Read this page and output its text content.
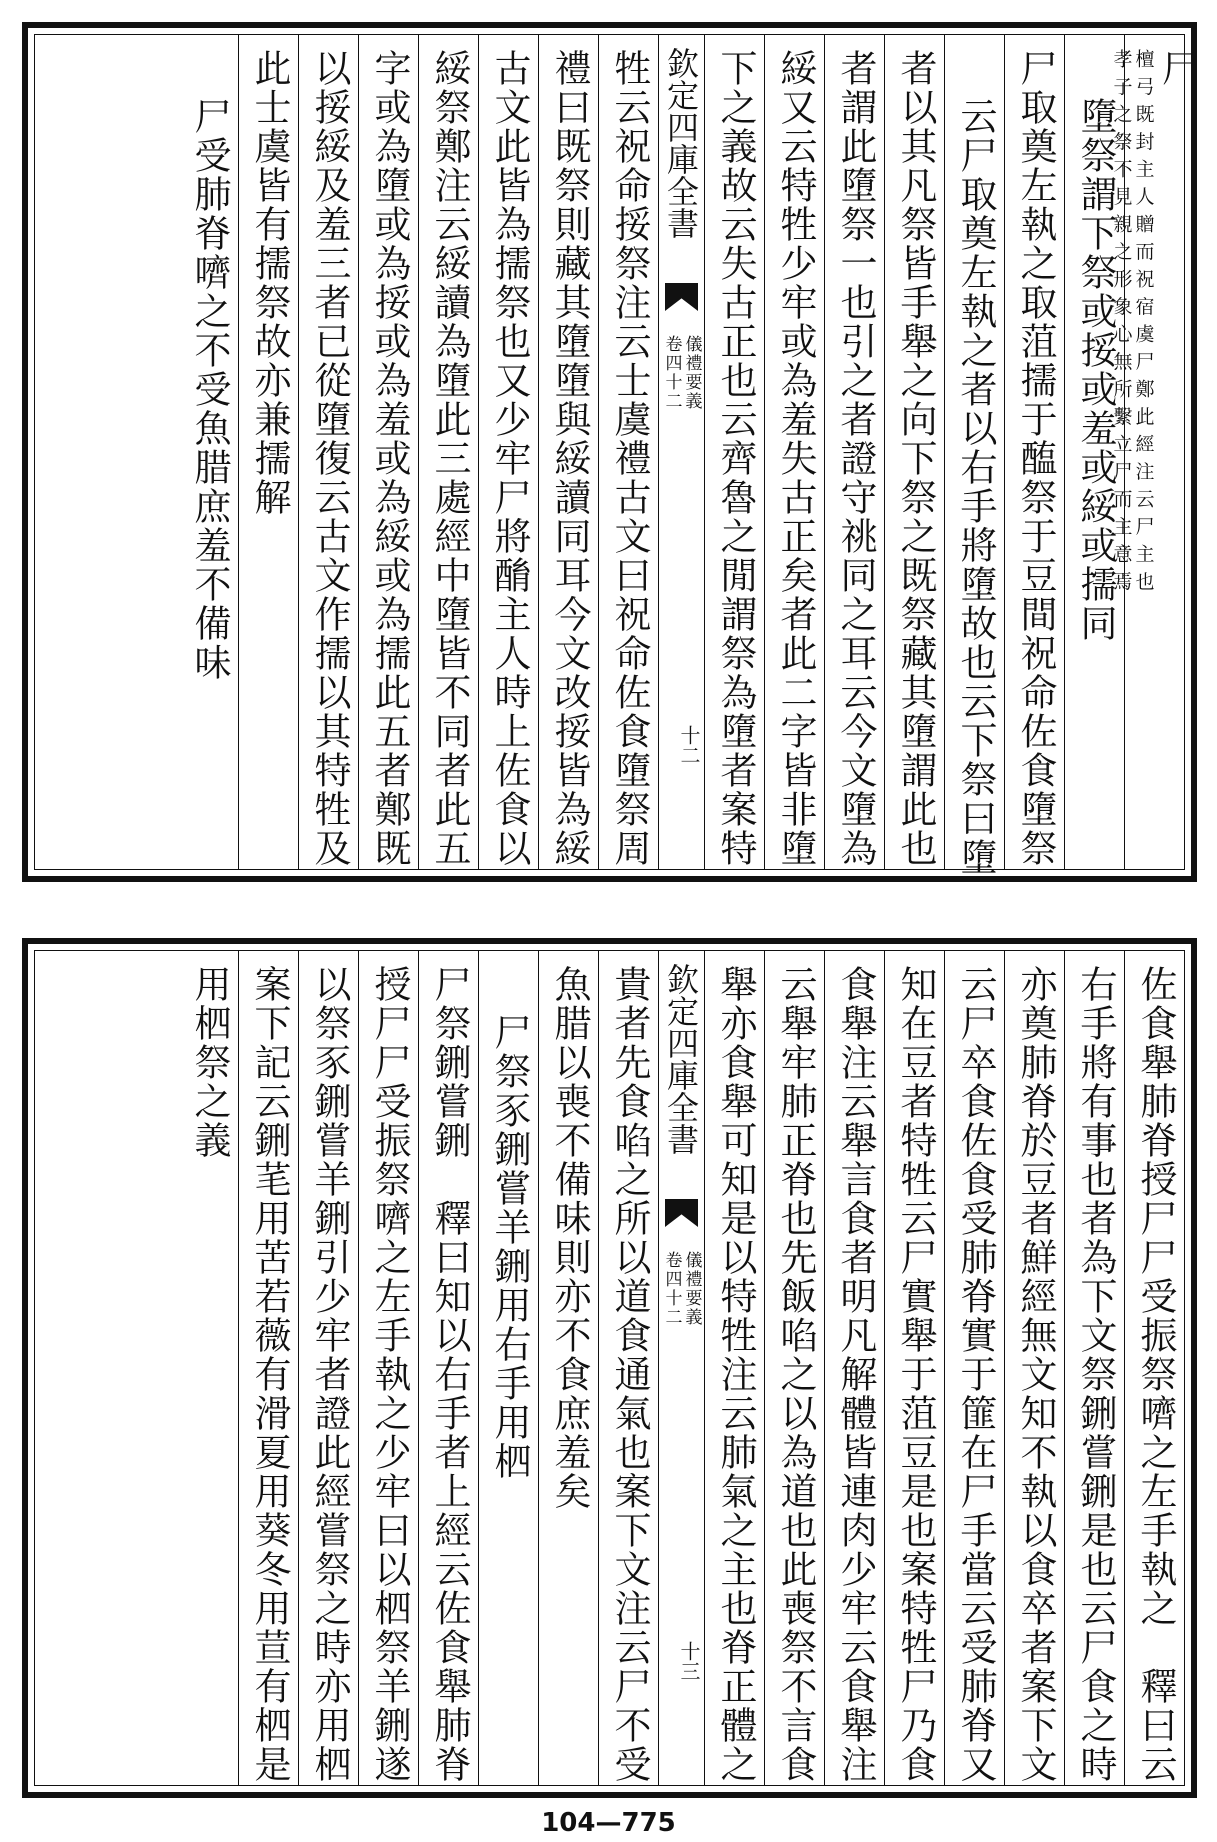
尸
檀弓既封主人贈而祝宿虞尸鄭此經注云尸主也
孝子之祭不見親之形象心無所繫立尸而主意焉
墮祭謂下祭或挼或羞或綏或擩同
尸取奠左執之取菹擩于醢祭于豆間祝命佐食墮祭
云尸取奠左執之者以右手將墮故也云下祭曰墮
者以其凡祭皆手舉之向下祭之既祭藏其墮謂此也
者謂此墮祭一也引之者證守祧同之耳云今文墮為
綏又云特牲少牢或為羞失古正矣者此二字皆非墮
下之義故云失古正也云齊魯之閒謂祭為墮者案特
欽定四庫全書
儀禮要義
卷四十二
十二
牲云祝命挼祭注云士虞禮古文曰祝命佐食墮祭周
禮曰既祭則藏其墮墮與綏讀同耳今文改挼皆為綏
古文此皆為擩祭也又少牢尸將酳主人時上佐食以
綏祭鄭注云綏讀為墮此三處經中墮皆不同者此五
字或為墮或為挼或為羞或為綏或為擩此五者鄭既
以挼綏及羞三者已從墮復云古文作擩以其特牲及
此士虞皆有擩祭故亦兼擩解
尸受肺脊嚌之不受魚腊庶羞不備味
佐食舉肺脊授尸尸受振祭嚌之左手執之　釋曰云
右手將有事也者為下文祭鉶嘗鉶是也云尸食之時
亦奠肺脊於豆者鮮經無文知不執以食卒者案下文
云尸卒食佐食受肺脊實于篚在尸手當云受肺脊又
知在豆者特牲云尸實舉于菹豆是也案特牲尸乃食
食舉注云舉言食者明凡解體皆連肉少牢云食舉注
云舉牢肺正脊也先飯啗之以為道也此喪祭不言食
舉亦食舉可知是以特牲注云肺氣之主也脊正體之
欽定四庫全書
儀禮要義
卷四十二
十三
貴者先食啗之所以道食通氣也案下文注云尸不受
魚腊以喪不備味則亦不食庶羞矣
尸祭豕鉶嘗羊鉶用右手用柶
尸祭鉶嘗鉶　釋曰知以右手者上經云佐食舉肺脊
授尸尸受振祭嚌之左手執之少牢曰以柶祭羊鉶遂
以祭豕鉶嘗羊鉶引少牢者證此經嘗祭之時亦用柶
案下記云鉶芼用苦若薇有滑夏用葵冬用荁有柶是
用柶祭之義
104—775
